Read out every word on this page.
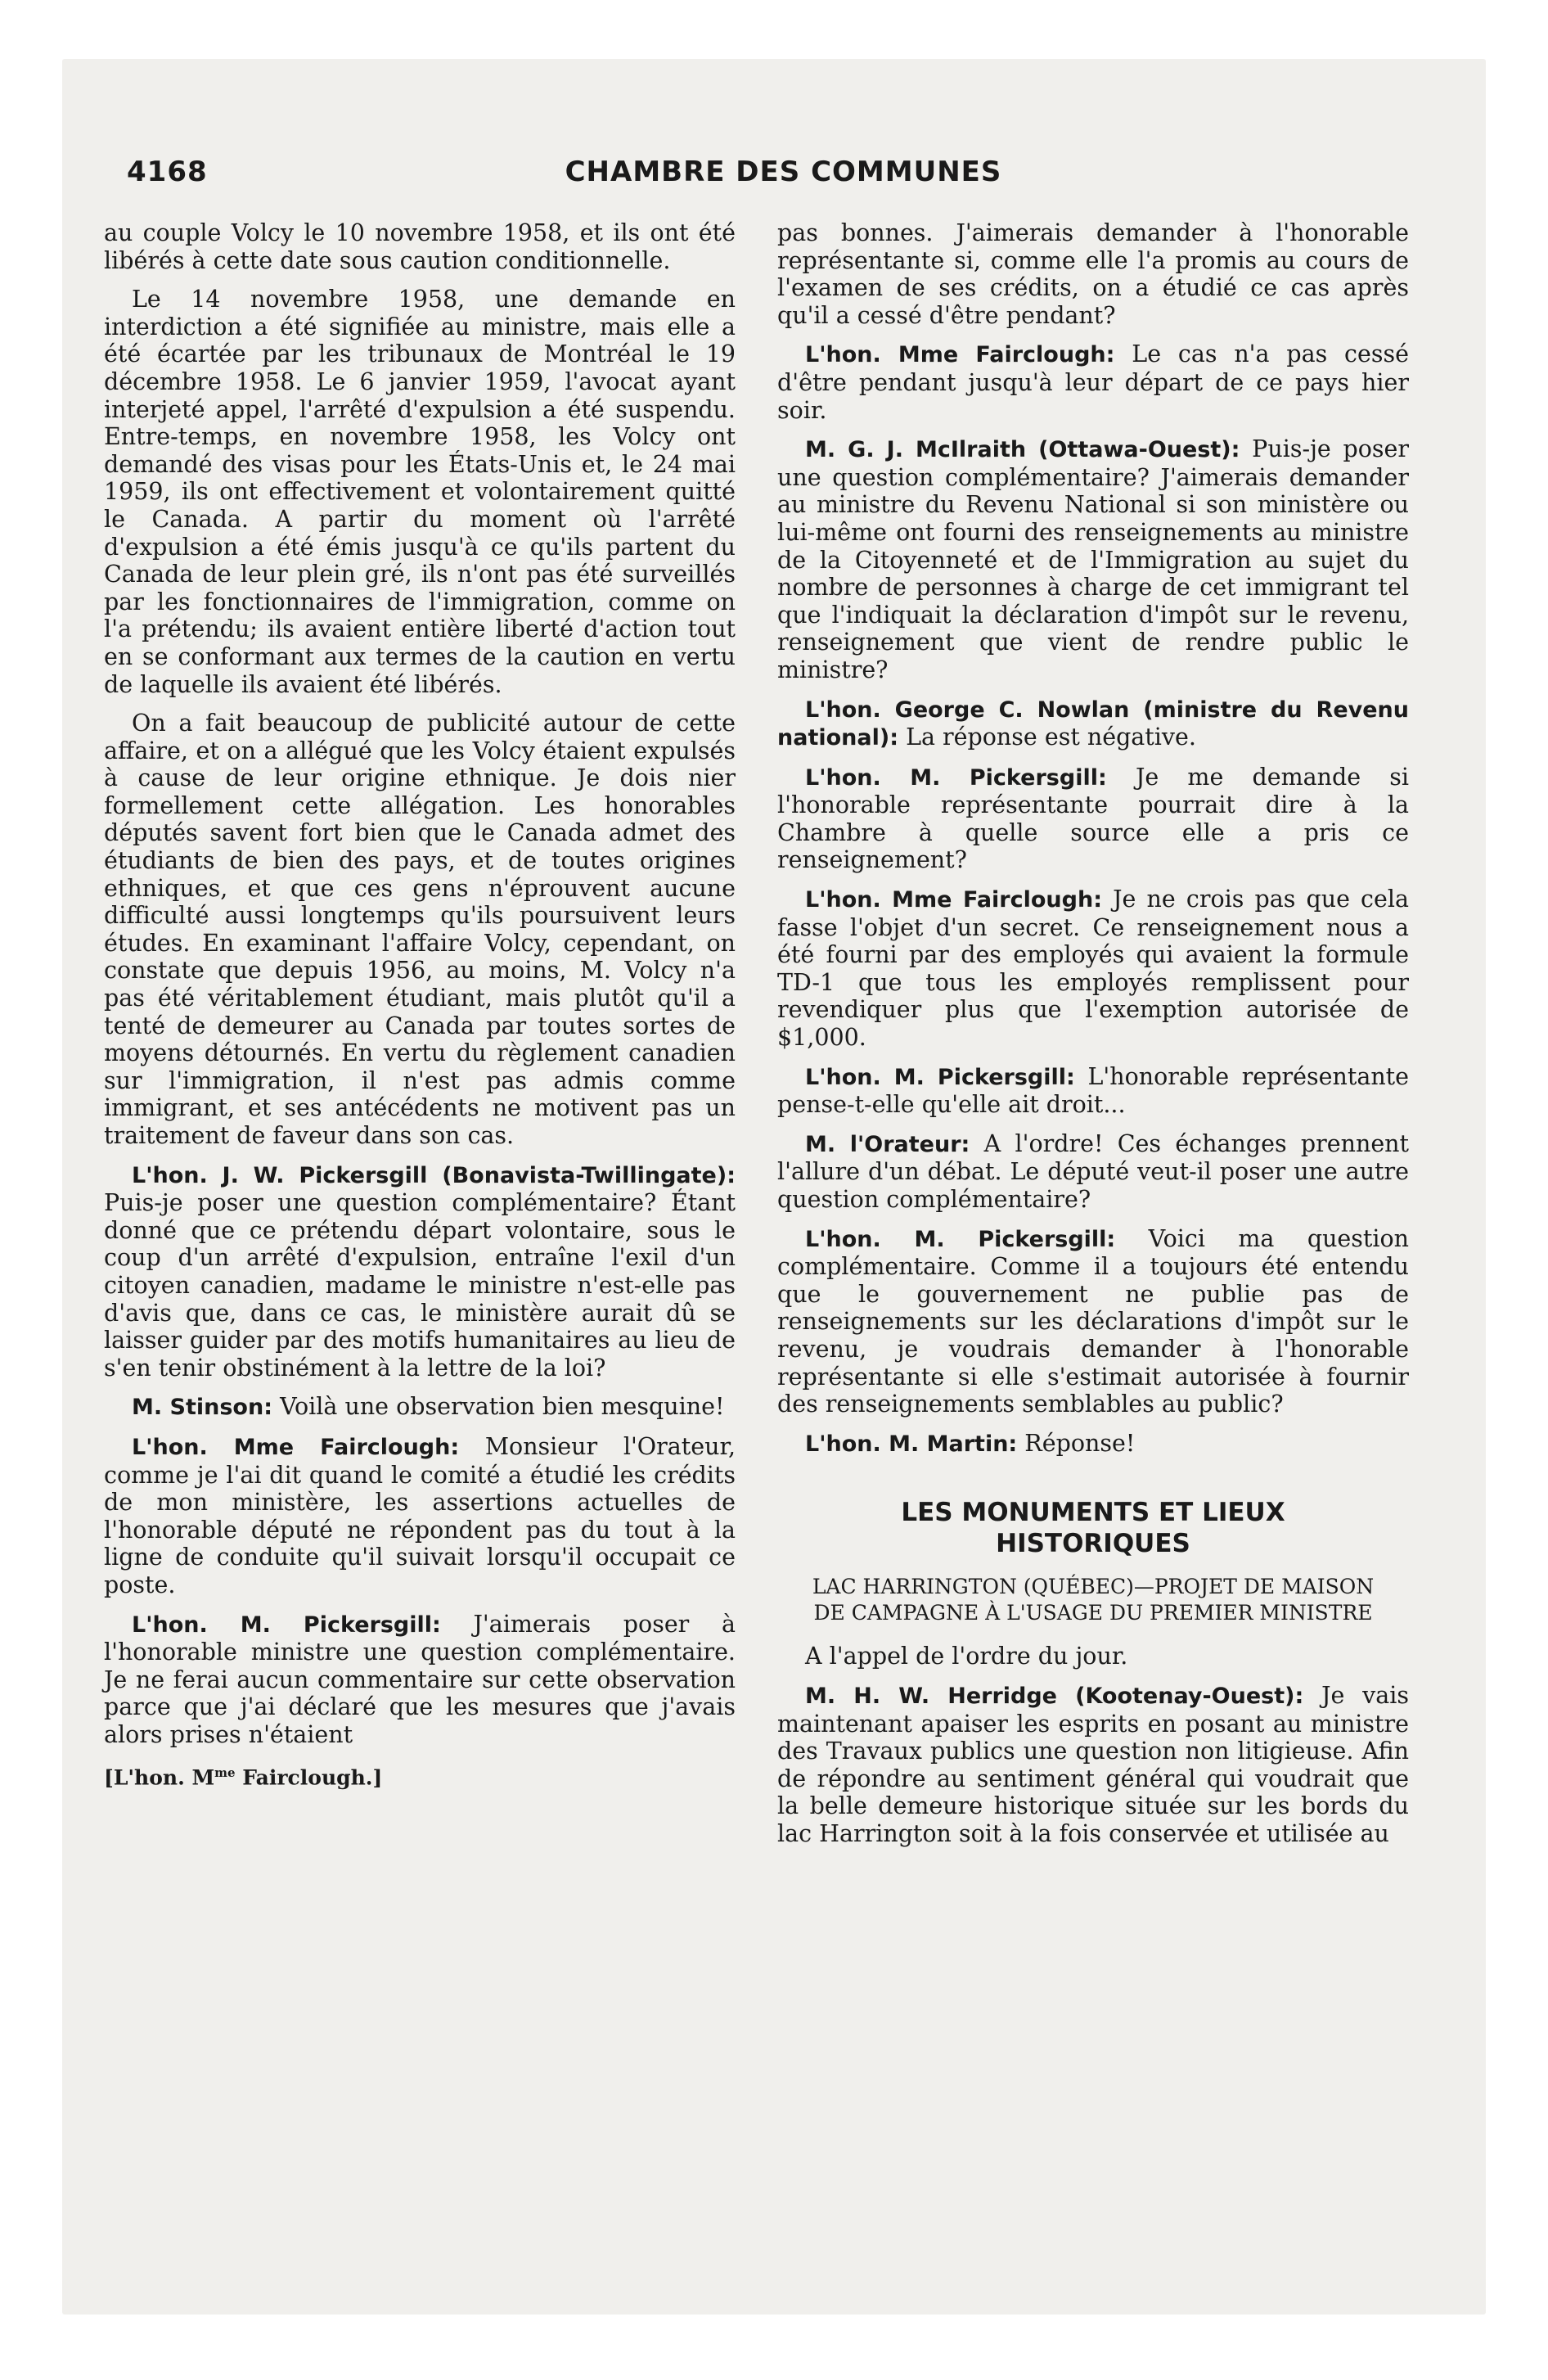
4168	CHAMBRE DES COMMUNES

au couple Volcy le 10 novembre 1958, et ils ont été libérés à cette date sous caution conditionnelle.

Le 14 novembre 1958, une demande en interdiction a été signifiée au ministre, mais elle a été écartée par les tribunaux de Montréal le 19 décembre 1958. Le 6 janvier 1959, l'avocat ayant interjeté appel, l'arrêté d'expulsion a été suspendu. Entre-temps, en novembre 1958, les Volcy ont demandé des visas pour les États-Unis et, le 24 mai 1959, ils ont effectivement et volontairement quitté le Canada. A partir du moment où l'arrêté d'expulsion a été émis jusqu'à ce qu'ils partent du Canada de leur plein gré, ils n'ont pas été surveillés par les fonctionnaires de l'immigration, comme on l'a prétendu; ils avaient entière liberté d'action tout en se conformant aux termes de la caution en vertu de laquelle ils avaient été libérés.

On a fait beaucoup de publicité autour de cette affaire, et on a allégué que les Volcy étaient expulsés à cause de leur origine ethnique. Je dois nier formellement cette allégation. Les honorables députés savent fort bien que le Canada admet des étudiants de bien des pays, et de toutes origines ethniques, et que ces gens n'éprouvent aucune difficulté aussi longtemps qu'ils poursuivent leurs études. En examinant l'affaire Volcy, cependant, on constate que depuis 1956, au moins, M. Volcy n'a pas été véritablement étudiant, mais plutôt qu'il a tenté de demeurer au Canada par toutes sortes de moyens détournés. En vertu du règlement canadien sur l'immigration, il n'est pas admis comme immigrant, et ses antécédents ne motivent pas un traitement de faveur dans son cas.

L'hon. J. W. Pickersgill (Bonavista-Twillingate): Puis-je poser une question complémentaire? Étant donné que ce prétendu départ volontaire, sous le coup d'un arrêté d'expulsion, entraîne l'exil d'un citoyen canadien, madame le ministre n'est-elle pas d'avis que, dans ce cas, le ministère aurait dû se laisser guider par des motifs humanitaires au lieu de s'en tenir obstinément à la lettre de la loi?

M. Stinson: Voilà une observation bien mesquine!

L'hon. Mme Fairclough: Monsieur l'Orateur, comme je l'ai dit quand le comité a étudié les crédits de mon ministère, les assertions actuelles de l'honorable député ne répondent pas du tout à la ligne de conduite qu'il suivait lorsqu'il occupait ce poste.

L'hon. M. Pickersgill: J'aimerais poser à l'honorable ministre une question complémentaire. Je ne ferai aucun commentaire sur cette observation parce que j'ai déclaré que les mesures que j'avais alors prises n'étaient

[L'hon. $M^{me}$ Fairclough.]

pas bonnes. J'aimerais demander à l'honorable représentante si, comme elle l'a promis au cours de l'examen de ses crédits, on a étudié ce cas après qu'il a cessé d'être pendant?

L'hon. Mme Fairclough: Le cas n'a pas cessé d'être pendant jusqu'à leur départ de ce pays hier soir.

M. G. J. McIlraith (Ottawa-Ouest): Puis-je poser une question complémentaire? J'aimerais demander au ministre du Revenu National si son ministère ou lui-même ont fourni des renseignements au ministre de la Citoyenneté et de l'Immigration au sujet du nombre de personnes à charge de cet immigrant tel que l'indiquait la déclaration d'impôt sur le revenu, renseignement que vient de rendre public le ministre?

L'hon. George C. Nowlan (ministre du Revenu national): La réponse est négative.

L'hon. M. Pickersgill: Je me demande si l'honorable représentante pourrait dire à la Chambre à quelle source elle a pris ce renseignement?

L'hon. Mme Fairclough: Je ne crois pas que cela fasse l'objet d'un secret. Ce renseignement nous a été fourni par des employés qui avaient la formule TD-1 que tous les employés remplissent pour revendiquer plus que l'exemption autorisée de $1,000.

L'hon. M. Pickersgill: L'honorable représentante pense-t-elle qu'elle ait droit...

M. l'Orateur: A l'ordre! Ces échanges prennent l'allure d'un débat. Le député veut-il poser une autre question complémentaire?

L'hon. M. Pickersgill: Voici ma question complémentaire. Comme il a toujours été entendu que le gouvernement ne publie pas de renseignements sur les déclarations d'impôt sur le revenu, je voudrais demander à l'honorable représentante si elle s'estimait autorisée à fournir des renseignements semblables au public?

L'hon. M. Martin: Réponse!

LES MONUMENTS ET LIEUX
HISTORIQUES
LAC HARRINGTON (QUÉBEC)—PROJET DE MAISON DE CAMPAGNE À L'USAGE DU PREMIER MINISTRE

A l'appel de l'ordre du jour.

M. H. W. Herridge (Kootenay-Ouest): Je vais maintenant apaiser les esprits en posant au ministre des Travaux publics une question non litigieuse. Afin de répondre au sentiment général qui voudrait que la belle demeure historique située sur les bords du lac Harrington soit à la fois conservée et utilisée au
